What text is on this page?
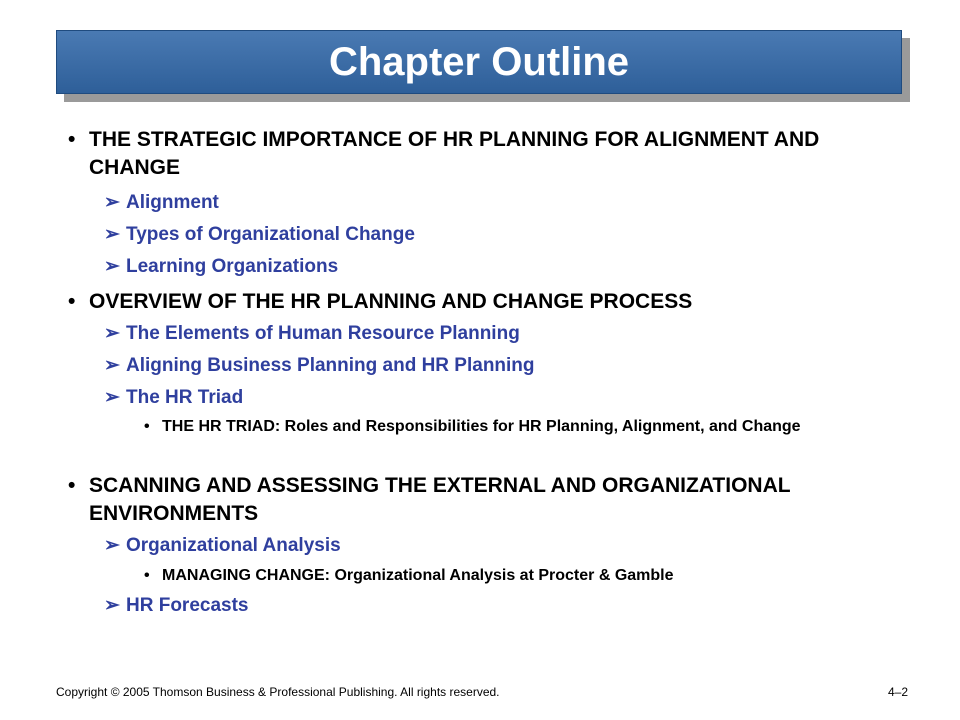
Chapter Outline
• THE STRATEGIC IMPORTANCE OF HR PLANNING FOR ALIGNMENT AND CHANGE
➢ Alignment
➢ Types of Organizational Change
➢ Learning Organizations
• OVERVIEW OF THE HR PLANNING AND CHANGE PROCESS
➢ The Elements of Human Resource Planning
➢ Aligning Business Planning and HR Planning
➢ The HR Triad
• THE HR TRIAD: Roles and Responsibilities for HR Planning, Alignment, and Change
• SCANNING AND ASSESSING THE EXTERNAL AND ORGANIZATIONAL ENVIRONMENTS
➢ Organizational Analysis
• MANAGING CHANGE: Organizational Analysis at Procter & Gamble
➢ HR Forecasts
Copyright © 2005 Thomson Business & Professional Publishing. All rights reserved.	4–2
